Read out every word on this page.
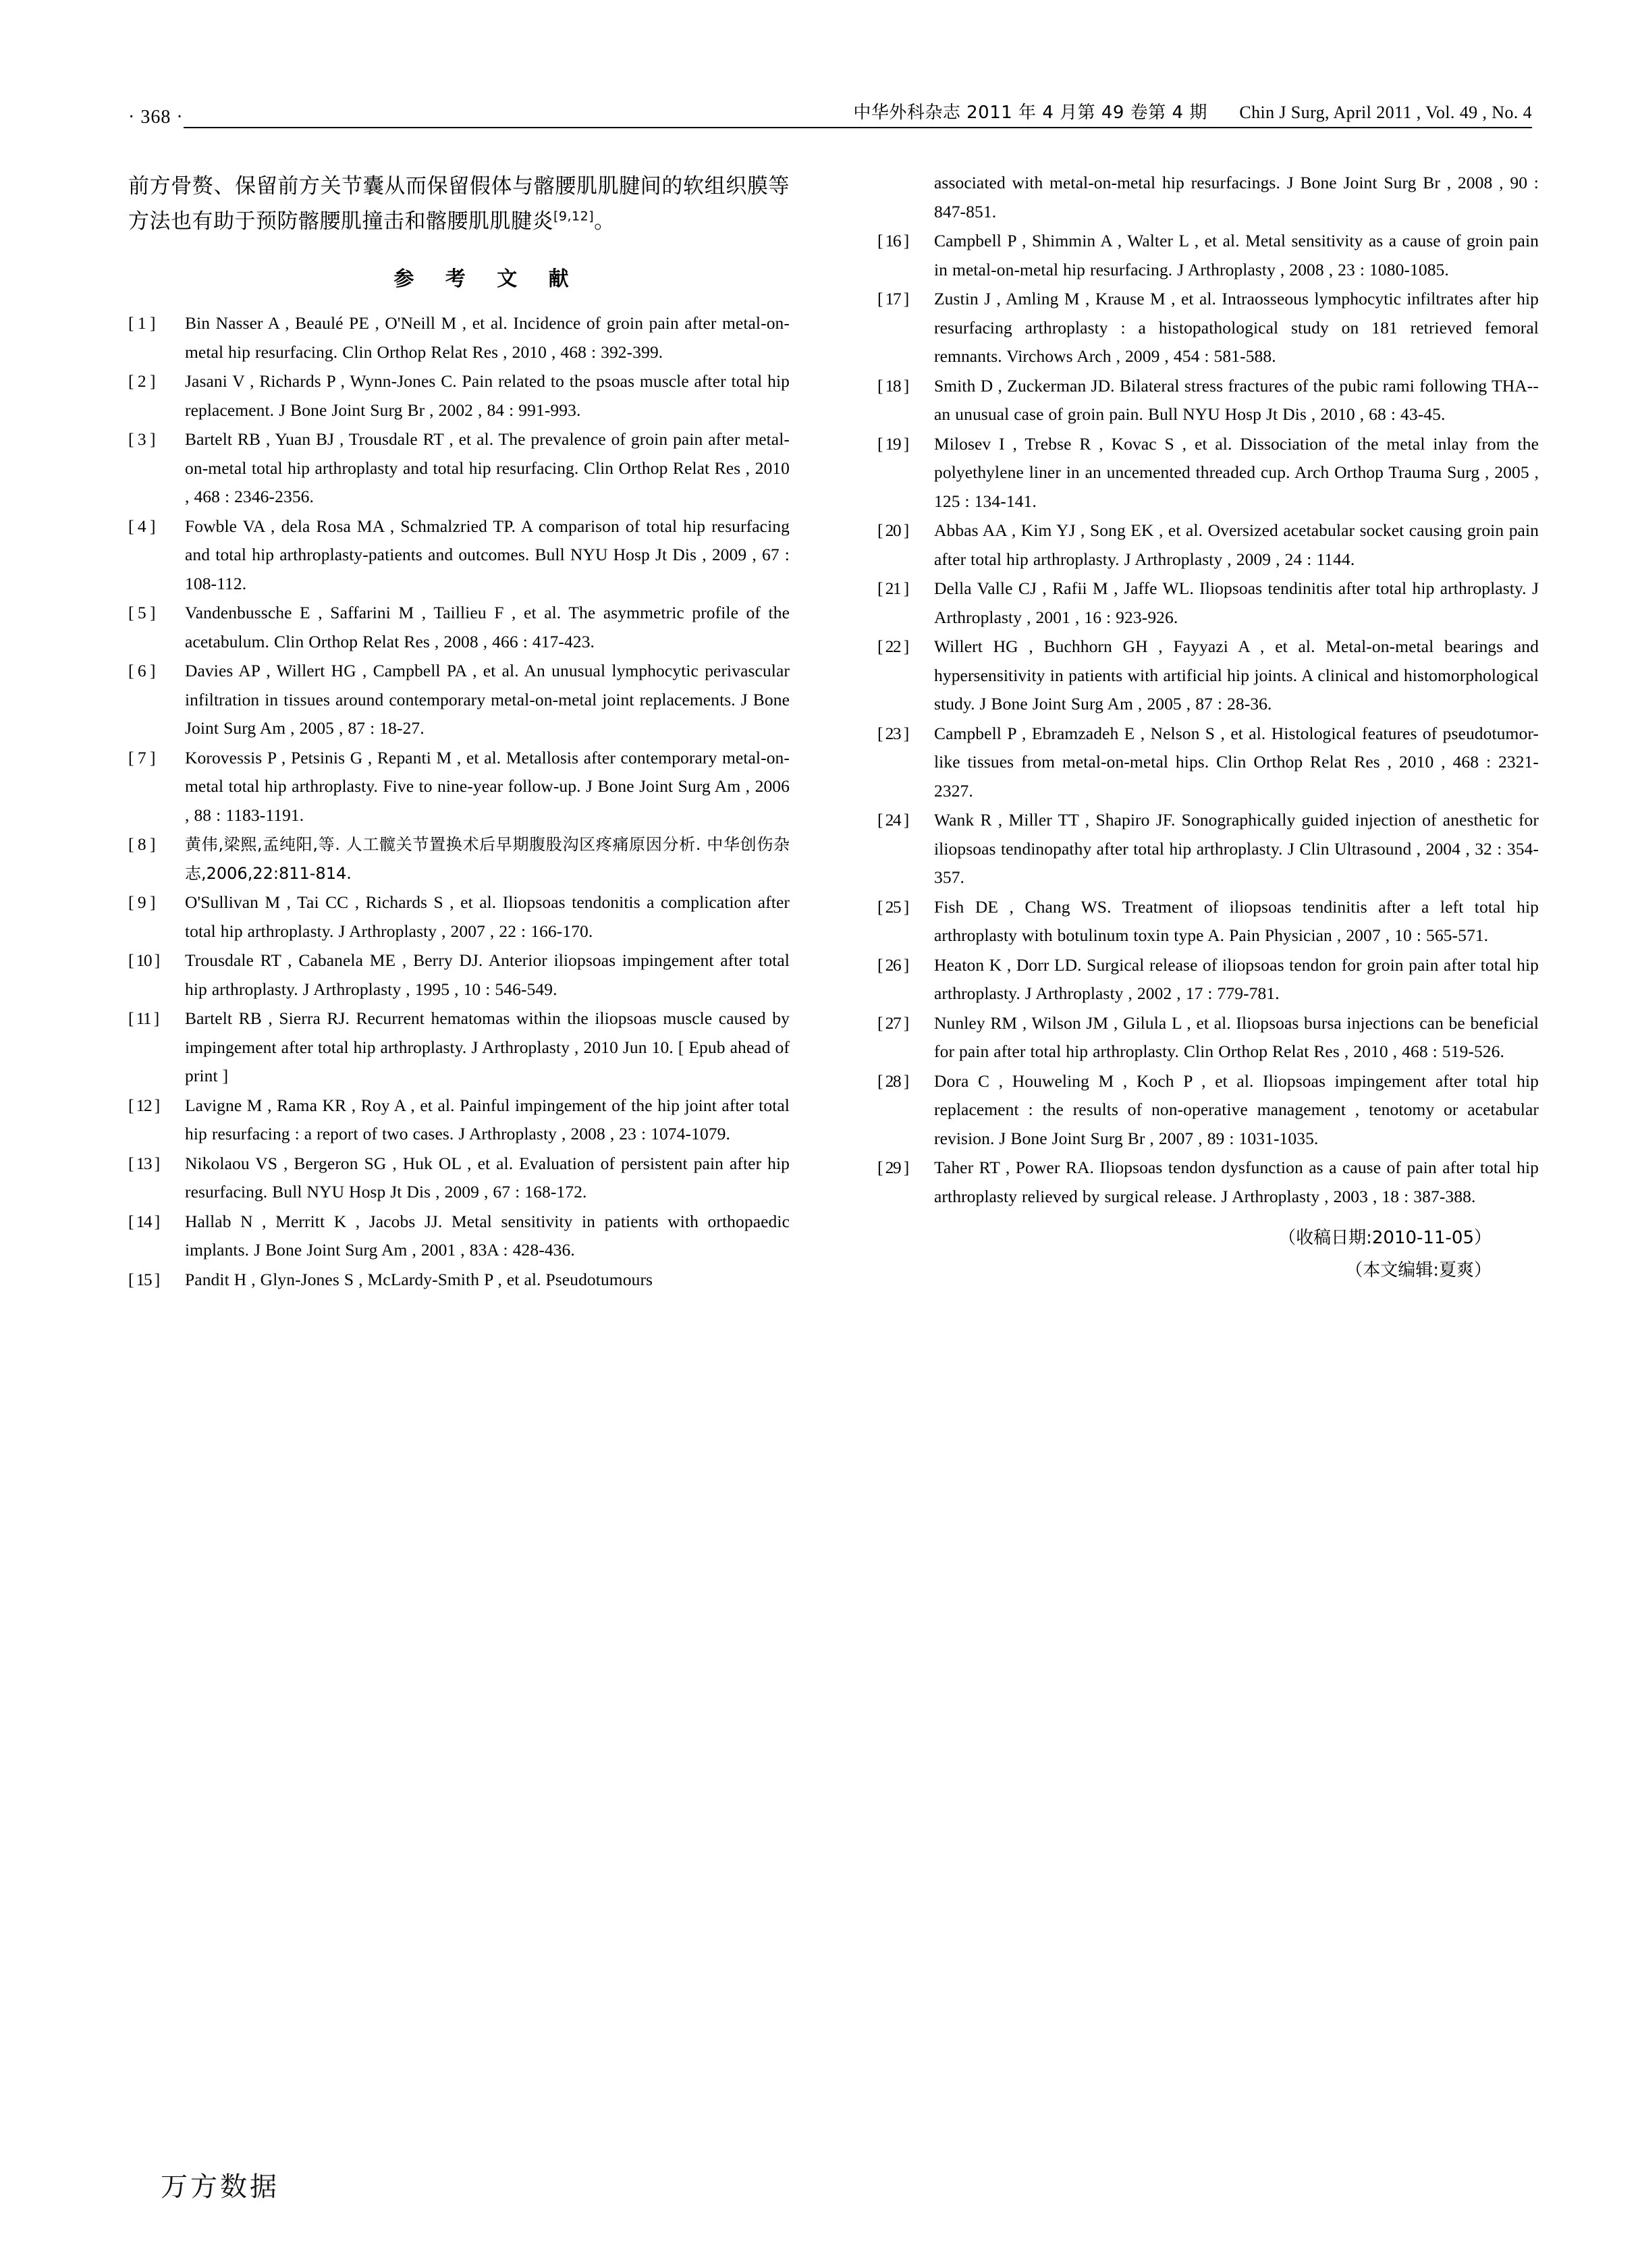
· 368 ·	中华外科杂志 2011 年 4 月第 49 卷第 4 期 Chin J Surg, April 2011 , Vol. 49 , No. 4

前方骨赘、保留前方关节囊从而保留假体与髂腰肌肌腱间的软组织膜等方法也有助于预防髂腰肌撞击和髂腰肌肌腱炎[9,12]。

参 考 文 献
[ 1 ]	Bin Nasser A , Beaulé PE , O'Neill M , et al. Incidence of groin pain after metal-on-metal hip resurfacing. Clin Orthop Relat Res , 2010 , 468 : 392-399.
[ 2 ]	Jasani V , Richards P , Wynn-Jones C. Pain related to the psoas muscle after total hip replacement. J Bone Joint Surg Br , 2002 , 84 : 991-993.
[ 3 ]	Bartelt RB , Yuan BJ , Trousdale RT , et al. The prevalence of groin pain after metal-on-metal total hip arthroplasty and total hip resurfacing. Clin Orthop Relat Res , 2010 , 468 : 2346-2356.
[ 4 ]	Fowble VA , dela Rosa MA , Schmalzried TP. A comparison of total hip resurfacing and total hip arthroplasty-patients and outcomes. Bull NYU Hosp Jt Dis , 2009 , 67 : 108-112.
[ 5 ]	Vandenbussche E , Saffarini M , Taillieu F , et al. The asymmetric profile of the acetabulum. Clin Orthop Relat Res , 2008 , 466 : 417-423.
[ 6 ]	Davies AP , Willert HG , Campbell PA , et al. An unusual lymphocytic perivascular infiltration in tissues around contemporary metal-on-metal joint replacements. J Bone Joint Surg Am , 2005 , 87 : 18-27.
[ 7 ]	Korovessis P , Petsinis G , Repanti M , et al. Metallosis after contemporary metal-on-metal total hip arthroplasty. Five to nine-year follow-up. J Bone Joint Surg Am , 2006 , 88 : 1183-1191.
[ 8 ]	黄伟,梁熙,孟纯阳,等. 人工髋关节置换术后早期腹股沟区疼痛原因分析. 中华创伤杂志,2006,22:811-814.
[ 9 ]	O'Sullivan M , Tai CC , Richards S , et al. Iliopsoas tendonitis a complication after total hip arthroplasty. J Arthroplasty , 2007 , 22 : 166-170.
[ 10 ]	Trousdale RT , Cabanela ME , Berry DJ. Anterior iliopsoas impingement after total hip arthroplasty. J Arthroplasty , 1995 , 10 : 546-549.
[ 11 ]	Bartelt RB , Sierra RJ. Recurrent hematomas within the iliopsoas muscle caused by impingement after total hip arthroplasty. J Arthroplasty , 2010 Jun 10. [ Epub ahead of print ]
[ 12 ]	Lavigne M , Rama KR , Roy A , et al. Painful impingement of the hip joint after total hip resurfacing : a report of two cases. J Arthroplasty , 2008 , 23 : 1074-1079.
[ 13 ]	Nikolaou VS , Bergeron SG , Huk OL , et al. Evaluation of persistent pain after hip resurfacing. Bull NYU Hosp Jt Dis , 2009 , 67 : 168-172.
[ 14 ]	Hallab N , Merritt K , Jacobs JJ. Metal sensitivity in patients with orthopaedic implants. J Bone Joint Surg Am , 2001 , 83A : 428-436.
[ 15 ]	Pandit H , Glyn-Jones S , McLardy-Smith P , et al. Pseudotumours
associated with metal-on-metal hip resurfacings. J Bone Joint Surg Br , 2008 , 90 : 847-851.
[ 16 ]	Campbell P , Shimmin A , Walter L , et al. Metal sensitivity as a cause of groin pain in metal-on-metal hip resurfacing. J Arthroplasty , 2008 , 23 : 1080-1085.
[ 17 ]	Zustin J , Amling M , Krause M , et al. Intraosseous lymphocytic infiltrates after hip resurfacing arthroplasty : a histopathological study on 181 retrieved femoral remnants. Virchows Arch , 2009 , 454 : 581-588.
[ 18 ]	Smith D , Zuckerman JD. Bilateral stress fractures of the pubic rami following THA--an unusual case of groin pain. Bull NYU Hosp Jt Dis , 2010 , 68 : 43-45.
[ 19 ]	Milosev I , Trebse R , Kovac S , et al. Dissociation of the metal inlay from the polyethylene liner in an uncemented threaded cup. Arch Orthop Trauma Surg , 2005 , 125 : 134-141.
[ 20 ]	Abbas AA , Kim YJ , Song EK , et al. Oversized acetabular socket causing groin pain after total hip arthroplasty. J Arthroplasty , 2009 , 24 : 1144.
[ 21 ]	Della Valle CJ , Rafii M , Jaffe WL. Iliopsoas tendinitis after total hip arthroplasty. J Arthroplasty , 2001 , 16 : 923-926.
[ 22 ]	Willert HG , Buchhorn GH , Fayyazi A , et al. Metal-on-metal bearings and hypersensitivity in patients with artificial hip joints. A clinical and histomorphological study. J Bone Joint Surg Am , 2005 , 87 : 28-36.
[ 23 ]	Campbell P , Ebramzadeh E , Nelson S , et al. Histological features of pseudotumor-like tissues from metal-on-metal hips. Clin Orthop Relat Res , 2010 , 468 : 2321-2327.
[ 24 ]	Wank R , Miller TT , Shapiro JF. Sonographically guided injection of anesthetic for iliopsoas tendinopathy after total hip arthroplasty. J Clin Ultrasound , 2004 , 32 : 354-357.
[ 25 ]	Fish DE , Chang WS. Treatment of iliopsoas tendinitis after a left total hip arthroplasty with botulinum toxin type A. Pain Physician , 2007 , 10 : 565-571.
[ 26 ]	Heaton K , Dorr LD. Surgical release of iliopsoas tendon for groin pain after total hip arthroplasty. J Arthroplasty , 2002 , 17 : 779-781.
[ 27 ]	Nunley RM , Wilson JM , Gilula L , et al. Iliopsoas bursa injections can be beneficial for pain after total hip arthroplasty. Clin Orthop Relat Res , 2010 , 468 : 519-526.
[ 28 ]	Dora C , Houweling M , Koch P , et al. Iliopsoas impingement after total hip replacement : the results of non-operative management , tenotomy or acetabular revision. J Bone Joint Surg Br , 2007 , 89 : 1031-1035.
[ 29 ]	Taher RT , Power RA. Iliopsoas tendon dysfunction as a cause of pain after total hip arthroplasty relieved by surgical release. J Arthroplasty , 2003 , 18 : 387-388.
（收稿日期:2010-11-05）
（本文编辑:夏爽）
万方数据
